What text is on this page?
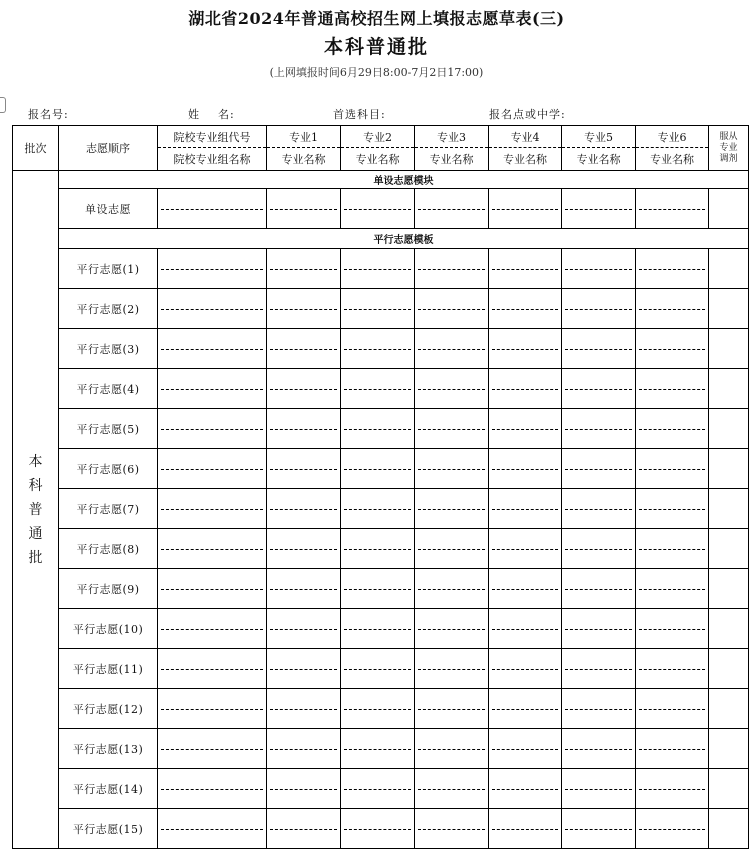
湖北省2024年普通高校招生网上填报志愿草表(三)
本科普通批
(上网填报时间6月29日8:00-7月2日17:00)
报名号:	姓    名:	首选科目:	报名点或中学:
批次	志愿顺序	院校专业组代号	专业1	专业2	专业3	专业4	专业5	专业6	服从
专业
调剂

		院校专业组名称	专业名称	专业名称	专业名称	专业名称	专业名称	专业名称	

本
科
普
通
批	单设志愿模块								
	单设志愿								
	平行志愿模板								
	平行志愿(1)								
	平行志愿(2)								
	平行志愿(3)								
	平行志愿(4)								
	平行志愿(5)								
	平行志愿(6)								
	平行志愿(7)								
	平行志愿(8)								
	平行志愿(9)								
	平行志愿(10)								
	平行志愿(11)								
	平行志愿(12)								
	平行志愿(13)								
	平行志愿(14)								
	平行志愿(15)								
